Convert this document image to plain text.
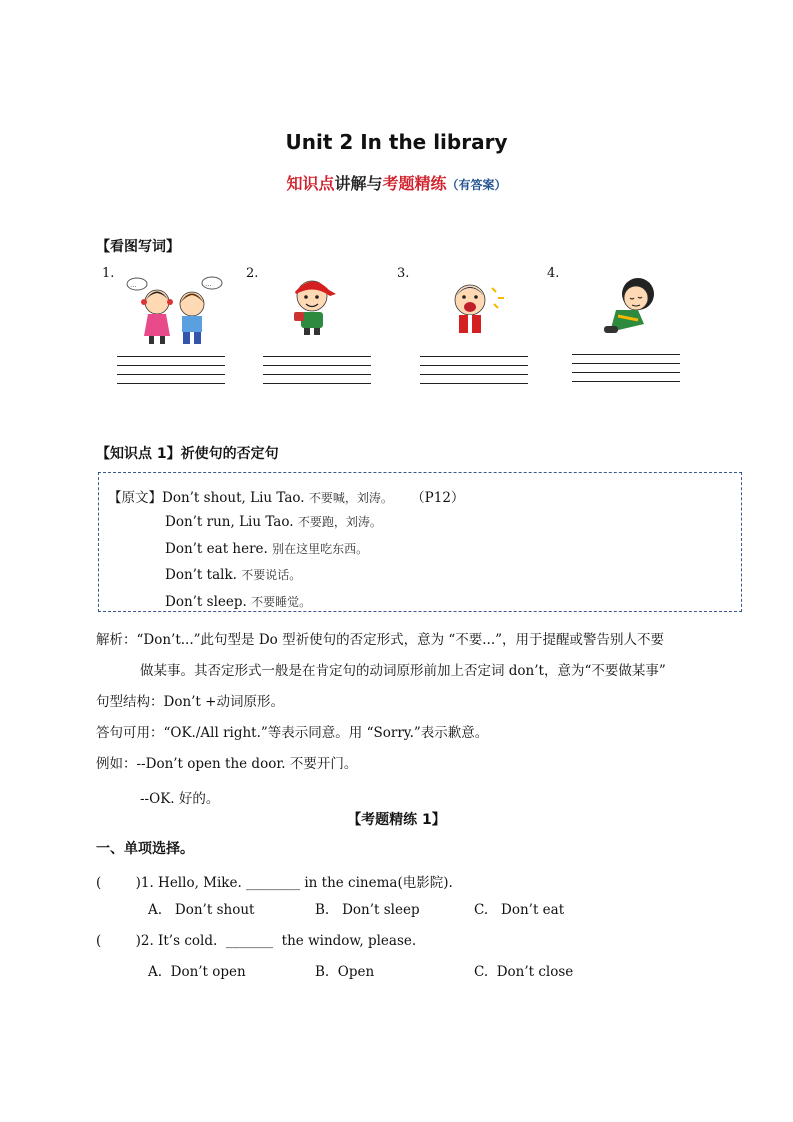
Unit 2 In the library
知识点讲解与考题精练（有答案）
【看图写词】
1.	2.	3.	4.
...	...
【知识点 1】祈使句的否定句
【原文】Don’t shout, Liu Tao. 不要喊，刘涛。 （P12）
Don’t run, Liu Tao. 不要跑，刘涛。
Don’t eat here. 别在这里吃东西。
Don’t talk. 不要说话。
Don’t sleep. 不要睡觉。
解析：“Don’t...”此句型是 Do 型祈使句的否定形式，意为 “不要...”，用于提醒或警告别人不要
做某事。其否定形式一般是在肯定句的动词原形前加上否定词 don’t，意为“不要做某事”
句型结构：Don’t +动词原形。
答句可用：“OK./All right.”等表示同意。用 “Sorry.”表示歉意。
例如：--Don’t open the door. 不要开门。
--OK. 好的。
【考题精练 1】
一、单项选择。
(        )1. Hello, Mike. ________ in the cinema(电影院).
A.   Don’t shout	B.   Don’t sleep	C.   Don’t eat
(        )2. It’s cold.  _______  the window, please.
A.  Don’t open	B.  Open	C.  Don’t close
